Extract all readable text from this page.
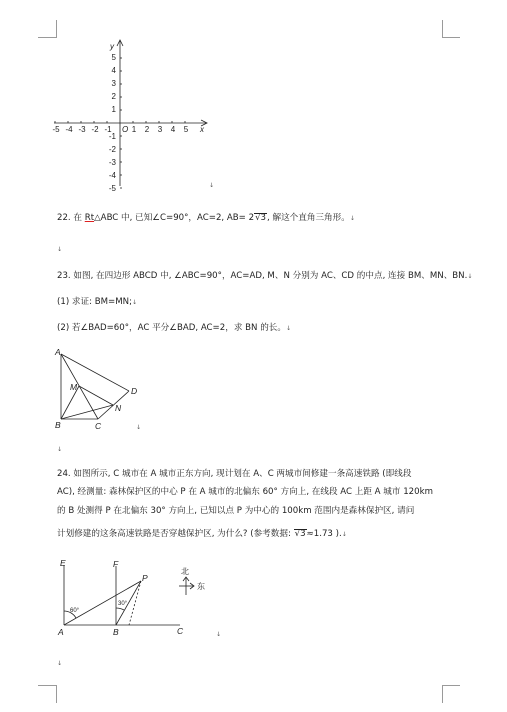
-5 -4 -3 -2 -1 O 1 2 3 4 5 x
y
5
4
3
2
1
-1
-2
-3
-4
-5	↓
22. 在 Rt△ABC 中, 已知∠C=90°，AC=2, AB= 2√3, 解这个直角三角形。↓
↓
23. 如图, 在四边形 ABCD 中, ∠ABC=90°，AC=AD, M、N 分别为 AC、CD 的中点, 连接 BM、MN、BN.↓
(1) 求证: BM=MN;↓
(2) 若∠BAD=60°，AC 平分∠BAD, AC=2，求 BN 的长。↓
A
B	C
D
M
N
↓
↓
24. 如图所示, C 城市在 A 城市正东方向, 现计划在 A、C 两城市间修建一条高速铁路 (即线段
AC), 经测量: 森林保护区的中心 P 在 A 城市的北偏东 60° 方向上, 在线段 AC 上距 A 城市 120km
的 B 处测得 P 在北偏东 30° 方向上, 已知以点 P 为中心的 100km 范围内是森林保护区, 请问
计划修建的这条高速铁路是否穿越保护区, 为什么? (参考数据: √3≈1.73 ).↓
E	F
P
A	B	C
60°
30°
北
东
↓
↓
